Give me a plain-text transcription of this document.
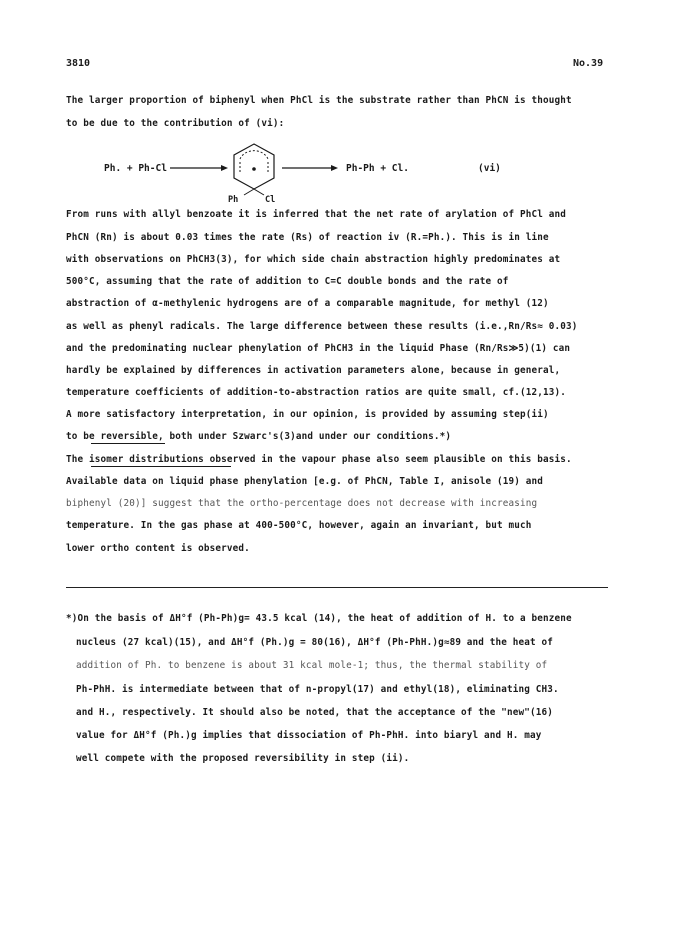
3810	No.39
The larger proportion of biphenyl when PhCl is the substrate rather than PhCN is thought
to be due to the contribution of (vi):
Ph. + Ph-Cl
Ph	Cl
Ph-Ph + Cl.	(vi)
From runs with allyl benzoate it is inferred that the net rate of arylation of PhCl and
PhCN (Rn) is about 0.03 times the rate (Rs) of reaction iv (R.=Ph.). This is in line
with observations on PhCH3(3), for which side chain abstraction highly predominates at
500°C, assuming that the rate of addition to C=C double bonds and the rate of
abstraction of α-methylenic hydrogens are of a comparable magnitude, for methyl (12)
as well as phenyl radicals. The large difference between these results (i.e.,Rn/Rs≈ 0.03)
and the predominating nuclear phenylation of PhCH3 in the liquid Phase (Rn/Rs≫5)(1) can
hardly be explained by differences in activation parameters alone, because in general,
temperature coefficients of addition-to-abstraction ratios are quite small, cf.(12,13).
A more satisfactory interpretation, in our opinion, is provided by assuming step(ii)
to be reversible, both under Szwarc's(3)and under our conditions.*)
The isomer distributions observed in the vapour phase also seem plausible on this basis.
Available data on liquid phase phenylation [e.g. of PhCN, Table I, anisole (19) and
biphenyl (20)] suggest that the ortho-percentage does not decrease with increasing
temperature. In the gas phase at 400-500°C, however, again an invariant, but much
lower ortho content is observed.
*)On the basis of ΔH°f (Ph-Ph)g= 43.5 kcal (14), the heat of addition of H. to a benzene
nucleus (27 kcal)(15), and ΔH°f (Ph.)g = 80(16), ΔH°f (Ph-PhH.)g≈89 and the heat of
addition of Ph. to benzene is about 31 kcal mole-1; thus, the thermal stability of
Ph-PhH. is intermediate between that of n-propyl(17) and ethyl(18), eliminating CH3.
and H., respectively. It should also be noted, that the acceptance of the "new"(16)
value for ΔH°f (Ph.)g implies that dissociation of Ph-PhH. into biaryl and H. may
well compete with the proposed reversibility in step (ii).
